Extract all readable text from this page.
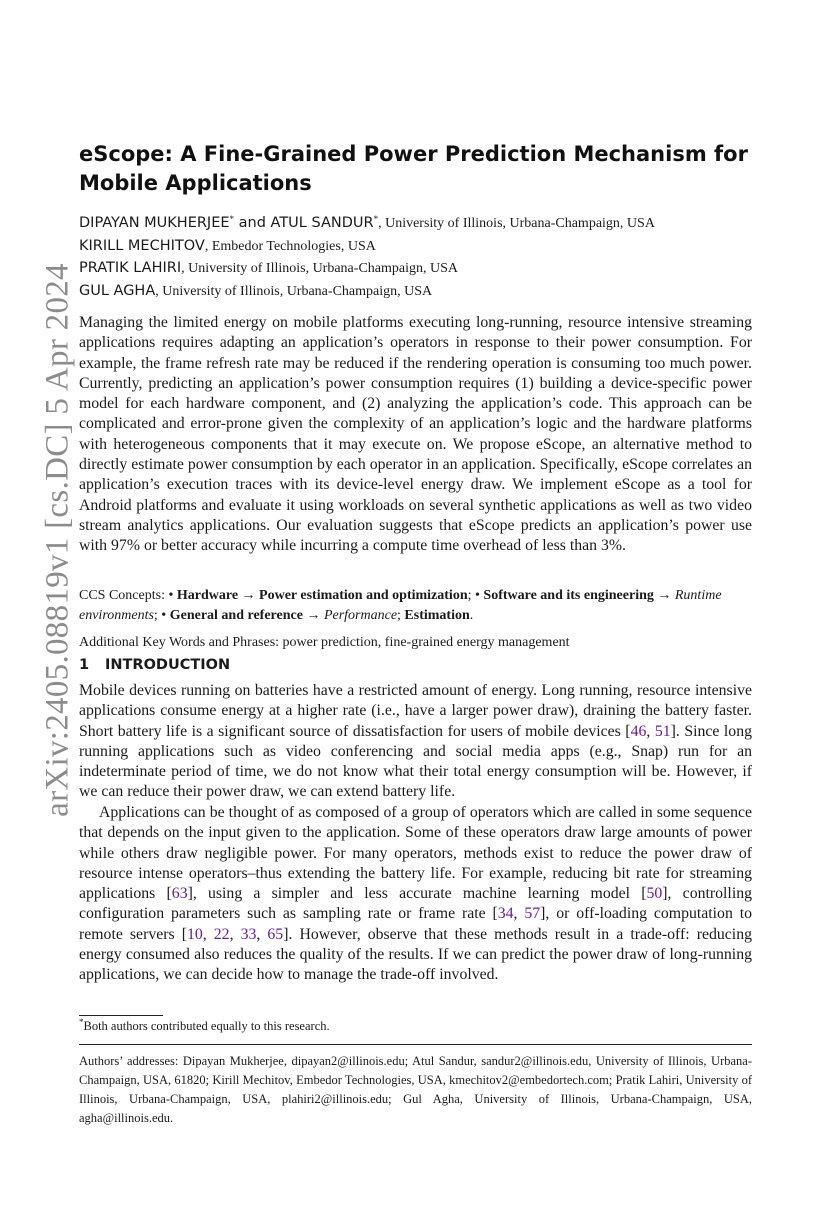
arXiv:2405.08819v1 [cs.DC] 5 Apr 2024
eScope: A Fine-Grained Power Prediction Mechanism for Mobile Applications
DIPAYAN MUKHERJEE* and ATUL SANDUR*, University of Illinois, Urbana-Champaign, USA
KIRILL MECHITOV, Embedor Technologies, USA
PRATIK LAHIRI, University of Illinois, Urbana-Champaign, USA
GUL AGHA, University of Illinois, Urbana-Champaign, USA

Managing the limited energy on mobile platforms executing long-running, resource intensive streaming applications requires adapting an application’s operators in response to their power consumption. For example, the frame refresh rate may be reduced if the rendering operation is consuming too much power. Currently, predicting an application’s power consumption requires (1) building a device-specific power model for each hardware component, and (2) analyzing the application’s code. This approach can be complicated and error-prone given the complexity of an application’s logic and the hardware platforms with heterogeneous components that it may execute on. We propose eScope, an alternative method to directly estimate power consumption by each operator in an application. Specifically, eScope correlates an application’s execution traces with its device-level energy draw. We implement eScope as a tool for Android platforms and evaluate it using workloads on several synthetic applications as well as two video stream analytics applications. Our evaluation suggests that eScope predicts an application’s power use with 97% or better accuracy while incurring a compute time overhead of less than 3%.

CCS Concepts: • Hardware → Power estimation and optimization; • Software and its engineering → Runtime environments; • General and reference → Performance; Estimation.

Additional Key Words and Phrases: power prediction, fine-grained energy management

1 INTRODUCTION

Mobile devices running on batteries have a restricted amount of energy. Long running, resource intensive applications consume energy at a higher rate (i.e., have a larger power draw), draining the battery faster. Short battery life is a significant source of dissatisfaction for users of mobile devices [46, 51]. Since long running applications such as video conferencing and social media apps (e.g., Snap) run for an indeterminate period of time, we do not know what their total energy consumption will be. However, if we can reduce their power draw, we can extend battery life.

Applications can be thought of as composed of a group of operators which are called in some sequence that depends on the input given to the application. Some of these operators draw large amounts of power while others draw negligible power. For many operators, methods exist to reduce the power draw of resource intense operators–thus extending the battery life. For example, reducing bit rate for streaming applications [63], using a simpler and less accurate machine learning model [50], controlling configuration parameters such as sampling rate or frame rate [34, 57], or off-loading computation to remote servers [10, 22, 33, 65]. However, observe that these methods result in a trade-off: reducing energy consumed also reduces the quality of the results. If we can predict the power draw of long-running applications, we can decide how to manage the trade-off involved.

*Both authors contributed equally to this research.

Authors’ addresses: Dipayan Mukherjee, dipayan2@illinois.edu; Atul Sandur, sandur2@illinois.edu, University of Illinois, Urbana-Champaign, USA, 61820; Kirill Mechitov, Embedor Technologies, USA, kmechitov2@embedortech.com; Pratik Lahiri, University of Illinois, Urbana-Champaign, USA, plahiri2@illinois.edu; Gul Agha, University of Illinois, Urbana-Champaign, USA, agha@illinois.edu.
